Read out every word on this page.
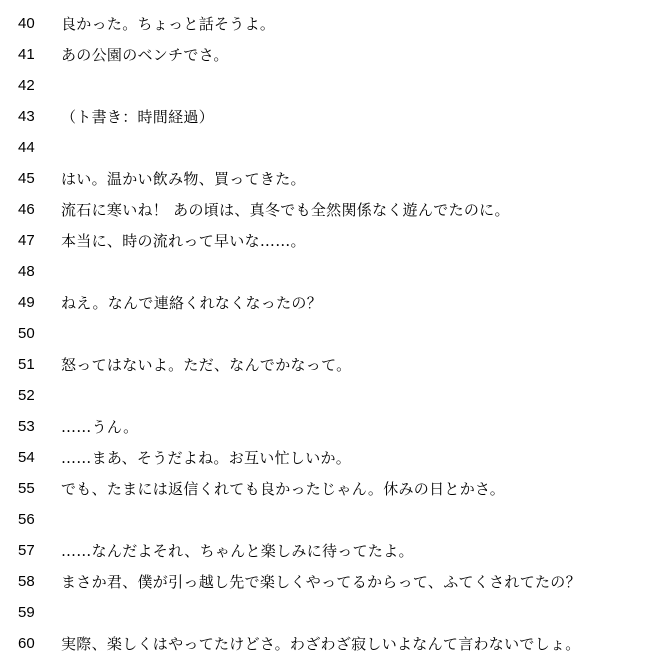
40	良かった。ちょっと話そうよ。
41	あの公園のベンチでさ。
42
43	（ト書き：時間経過）
44
45	はい。温かい飲み物、買ってきた。
46	流石に寒いね！ あの頃は、真冬でも全然関係なく遊んでたのに。
47	本当に、時の流れって早いな……。
48
49	ねえ。なんで連絡くれなくなったの？
50
51	怒ってはないよ。ただ、なんでかなって。
52
53	……うん。
54	……まあ、そうだよね。お互い忙しいか。
55	でも、たまには返信くれても良かったじゃん。休みの日とかさ。
56
57	……なんだよそれ、ちゃんと楽しみに待ってたよ。
58	まさか君、僕が引っ越し先で楽しくやってるからって、ふてくされてたの？
59
60	実際、楽しくはやってたけどさ。わざわざ寂しいよなんて言わないでしょ。
